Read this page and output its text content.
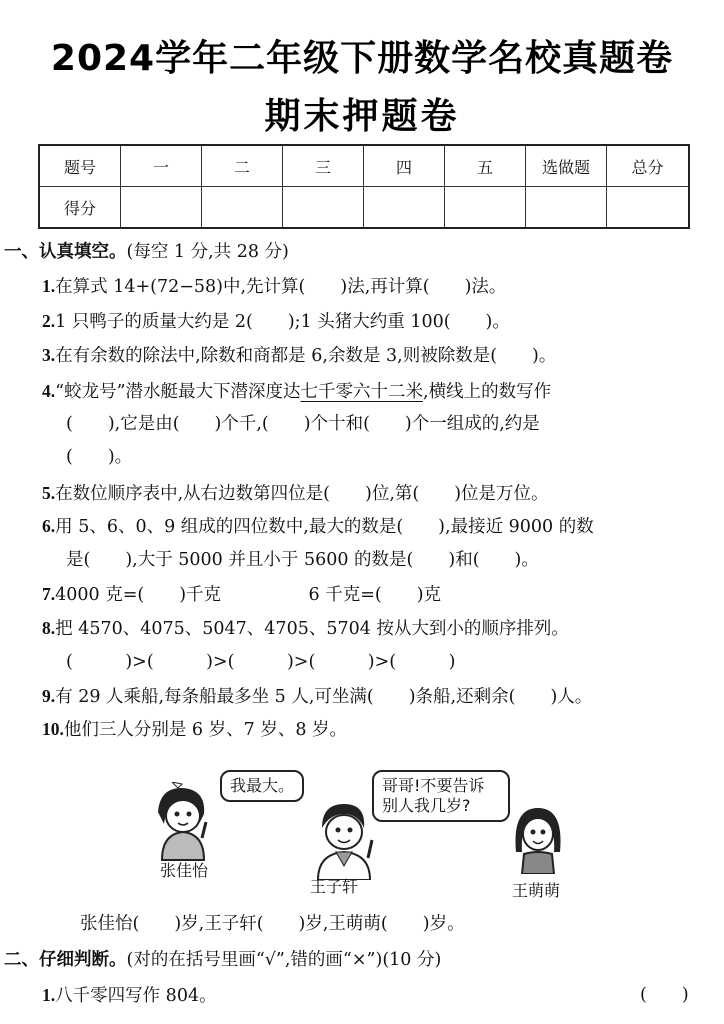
2024学年二年级下册数学名校真题卷
期末押题卷
题号	一	二	三	四	五	选做题	总分
得分							
一、认真填空。(每空 1 分,共 28 分)
1.在算式 14+(72−58)中,先计算(　　)法,再计算(　　)法。
2.1 只鸭子的质量大约是 2(　　);1 头猪大约重 100(　　)。
3.在有余数的除法中,除数和商都是 6,余数是 3,则被除数是(　　)。
4.“蛟龙号”潜水艇最大下潜深度达七千零六十二米,横线上的数写作
(　　),它是由(　　)个千,(　　)个十和(　　)个一组成的,约是
(　　)。
5.在数位顺序表中,从右边数第四位是(　　)位,第(　　)位是万位。
6.用 5、6、0、9 组成的四位数中,最大的数是(　　),最接近 9000 的数
是(　　),大于 5000 并且小于 5600 的数是(　　)和(　　)。
7.4000 克=(　　)千克　　　　　6 千克=(　　)克
8.把 4570、4075、5047、4705、5704 按从大到小的顺序排列。
(　　　)>(　　　)>(　　　)>(　　　)>(　　　)
9.有 29 人乘船,每条船最多坐 5 人,可坐满(　　)条船,还剩余(　　)人。
10.他们三人分别是 6 岁、7 岁、8 岁。
我最大。
张佳怡
王子轩
哥哥!不要告诉
别人我几岁?
王萌萌
张佳怡(　　)岁,王子轩(　　)岁,王萌萌(　　)岁。
二、仔细判断。(对的在括号里画“√”,错的画“×”)(10 分)
1.八千零四写作 804。	(　　)
